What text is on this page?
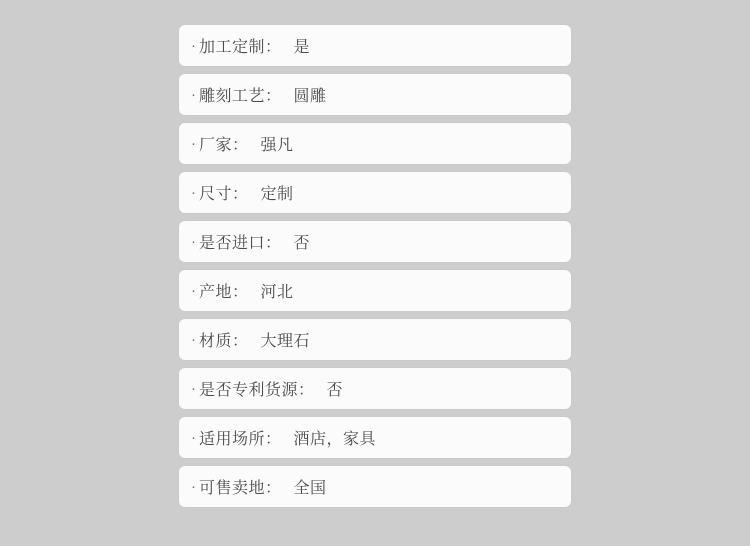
· 加工定制： 是
· 雕刻工艺： 圆雕
· 厂家： 强凡
· 尺寸： 定制
· 是否进口： 否
· 产地： 河北
· 材质： 大理石
· 是否专利货源： 否
· 适用场所： 酒店，家具
· 可售卖地： 全国
